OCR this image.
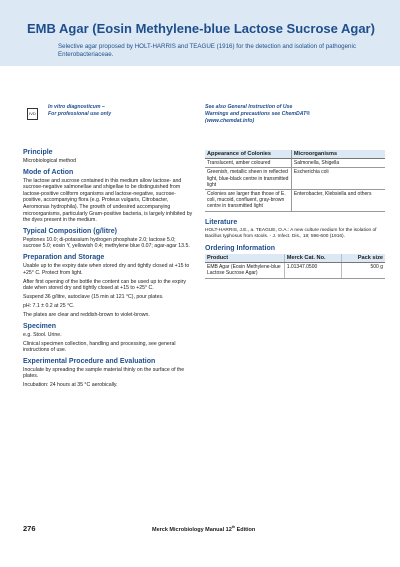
EMB Agar (Eosin Methylene-blue Lactose Sucrose Agar)
Selective agar proposed by HOLT-HARRIS and TEAGUE (1916) for the detection and isolation of pathogenic Enterobacteriaceae.
IVD
In vitro diagnosticum –
For professional use only
See also General Instruction of Use
Warnings and precautions see ChemDAT®
(www.chemdat.info)
Principle

Microbiological method

Mode of Action

The lactose and sucrose contained in this medium allow lactose- and sucrose-negative salmonellae and shigellae to be distinguished from lactose-positive coliform organisms and lactose-negative, sucrose-positive, accompanying flora (e.g. Proteus vulgaris, Citrobacter, Aeromonas hydrophila). The growth of undesired accompanying microorganisms, particularly Gram-positive bacteria, is largely inhibited by the dyes present in the medium.

Typical Composition (g/litre)

Peptones 10.0; di-potassium hydrogen phosphate 2.0; lactose 5.0; sucrose 5.0; eosin Y, yellowish 0.4; methylene blue 0.07; agar-agar 13.5.

Preparation and Storage

Usable up to the expiry date when stored dry and tightly closed at +15 to +25° C. Protect from light.

After first opening of the bottle the content can be used up to the expiry date when stored dry and tightly closed at +15 to +25° C.

Suspend 36 g/litre, autoclave (15 min at 121 °C), pour plates.

pH: 7.1 ± 0.2 at 25 °C.

The plates are clear and reddish-brown to violet-brown.

Specimen

e.g. Stool. Urine.

Clinical specimen collection, handling and processing, see general instructions of use.

Experimental Procedure and Evaluation

Inoculate by spreading the sample material thinly on the surface of the plates.

Incubation: 24 hours at 35 °C aerobically.

Appearance of Colonies	Microorganisms
Translucent, amber coloured	Salmonella, Shigella
Greenish, metallic sheen in reflected light, blue-black centre in transmitted light	Escherichia coli
Colonies are larger than those of E. coli, mucoid, confluent, gray-brown centre in transmitted light	Enterobacter, Klebsiella and others
Literature

HOLT-HARRIS, J.E., a. TEAGUE, O.A.: A new culture medium for the isolation of Bacillus typhosus from stools. - J. Infect. Dis., 18; 596-600 (1916).

Ordering Information
Product	Merck Cat. No.	Pack size
EMB Agar (Eosin Methylene-blue Lactose Sucrose Agar)	1.01347.0500	500 g
276	Merck Microbiology Manual 12th Edition
